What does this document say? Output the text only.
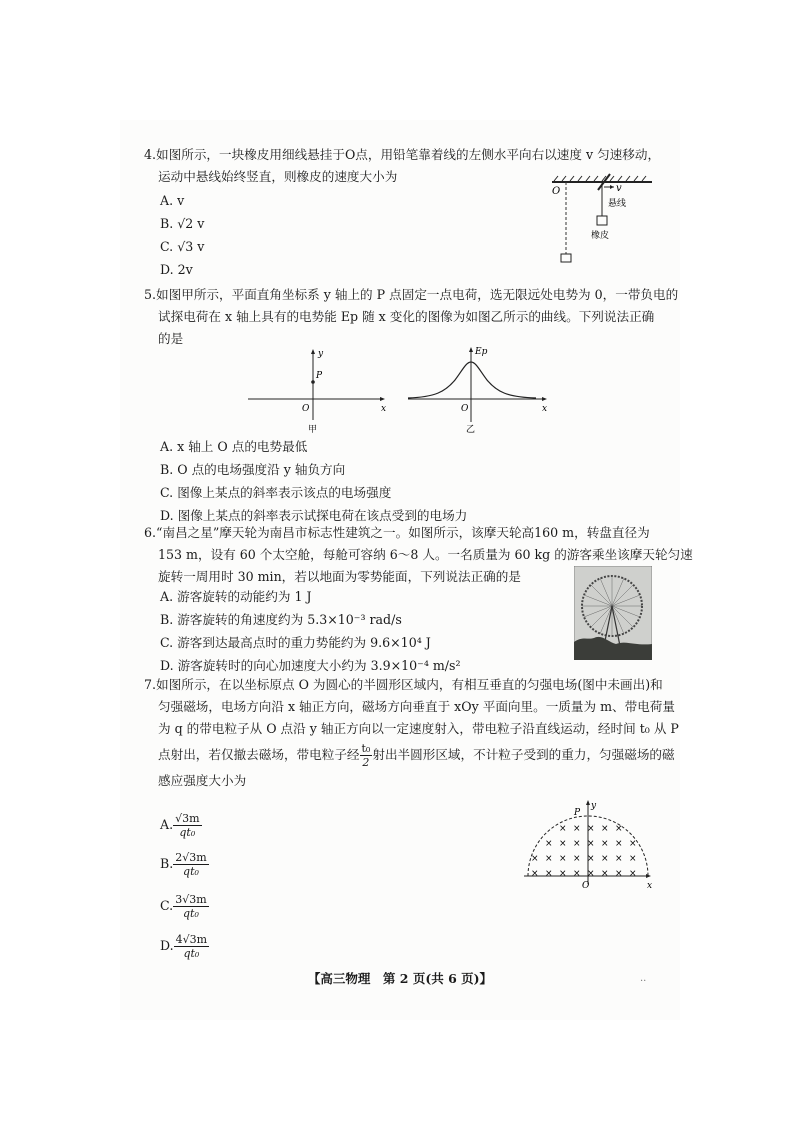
4.如图所示，一块橡皮用细线悬挂于O点，用铅笔靠着线的左侧水平向右以速度 v 匀速移动，
运动中悬线始终竖直，则橡皮的速度大小为
A. v
B. √2 v
C. √3 v
D. 2v
O	v
悬线
橡皮
5.如图甲所示，平面直角坐标系 y 轴上的 P 点固定一点电荷，选无限远处电势为 0，一带负电的
试探电荷在 x 轴上具有的电势能 Ep 随 x 变化的图像为如图乙所示的曲线。下列说法正确
的是
y
P
O	x
甲
Ep
O	x
乙
A. x 轴上 O 点的电势最低
B. O 点的电场强度沿 y 轴负方向
C. 图像上某点的斜率表示该点的电场强度
D. 图像上某点的斜率表示试探电荷在该点受到的电场力
6.“南昌之星”摩天轮为南昌市标志性建筑之一。如图所示，该摩天轮高160 m，转盘直径为
153 m，设有 60 个太空舱，每舱可容纳 6～8 人。一名质量为 60 kg 的游客乘坐该摩天轮匀速
旋转一周用时 30 min，若以地面为零势能面，下列说法正确的是
A. 游客旋转的动能约为 1 J
B. 游客旋转的角速度约为 5.3×10⁻³ rad/s
C. 游客到达最高点时的重力势能约为 9.6×10⁴ J
D. 游客旋转时的向心加速度大小约为 3.9×10⁻⁴ m/s²
7.如图所示，在以坐标原点 O 为圆心的半圆形区域内，有相互垂直的匀强电场(图中未画出)和
匀强磁场，电场方向沿 x 轴正方向，磁场方向垂直于 xOy 平面向里。一质量为 m、带电荷量
为 q 的带电粒子从 O 点沿 y 轴正方向以一定速度射入，带电粒子沿直线运动，经时间 t₀ 从 P
点射出，若仅撤去磁场，带电粒子经 $\frac{\text{t₀}}{2}$ 射出半圆形区域，不计粒子受到的重力，匀强磁场的磁
感应强度大小为
A. $\frac{√3m}{\text{qt₀}}$
B. $\frac{2√3m}{\text{qt₀}}$
C. $\frac{3√3m}{\text{qt₀}}$
D. $\frac{4√3m}{\text{qt₀}}$
P
y
O	x
× × × × ×
× × × × × × ×
× × × × × × × ×
× × × × × × × ×
【高三物理　第 2 页(共 6 页)】	..
